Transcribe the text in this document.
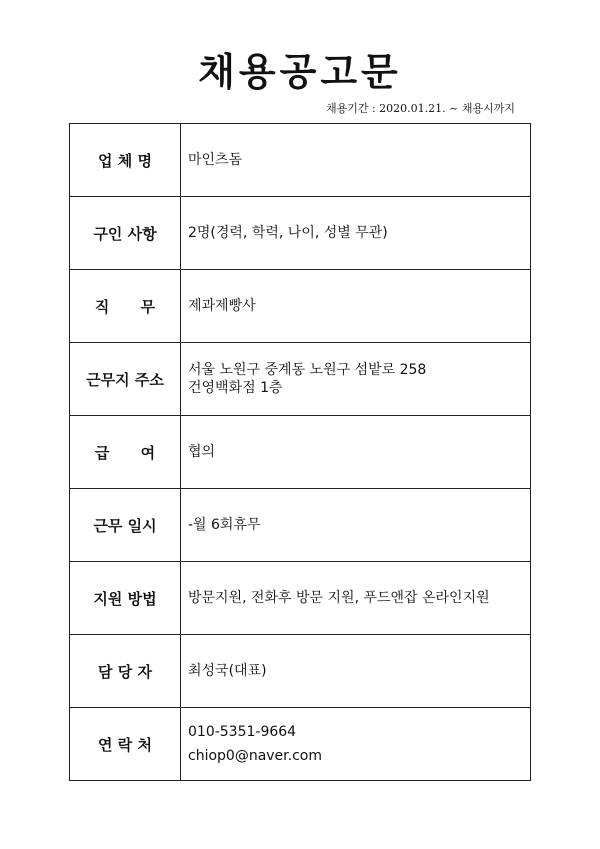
채용공고문
채용기간 : 2020.01.21. ~ 채용시까지
업 체 명	마인츠돔

구인 사항	2명(경력, 학력, 나이, 성별 무관)

직      무	제과제빵사

근무지 주소	서울 노원구 중계동 노원구 섬밭로 258
건영백화점 1층

급      여	협의

근무 일시	-월 6회휴무

지원 방법	방문지원, 전화후 방문 지원, 푸드앤잡 온라인지원

담 당 자	최성국(대표)

연 락 처	010-5351-9664
chiop0@naver.com
